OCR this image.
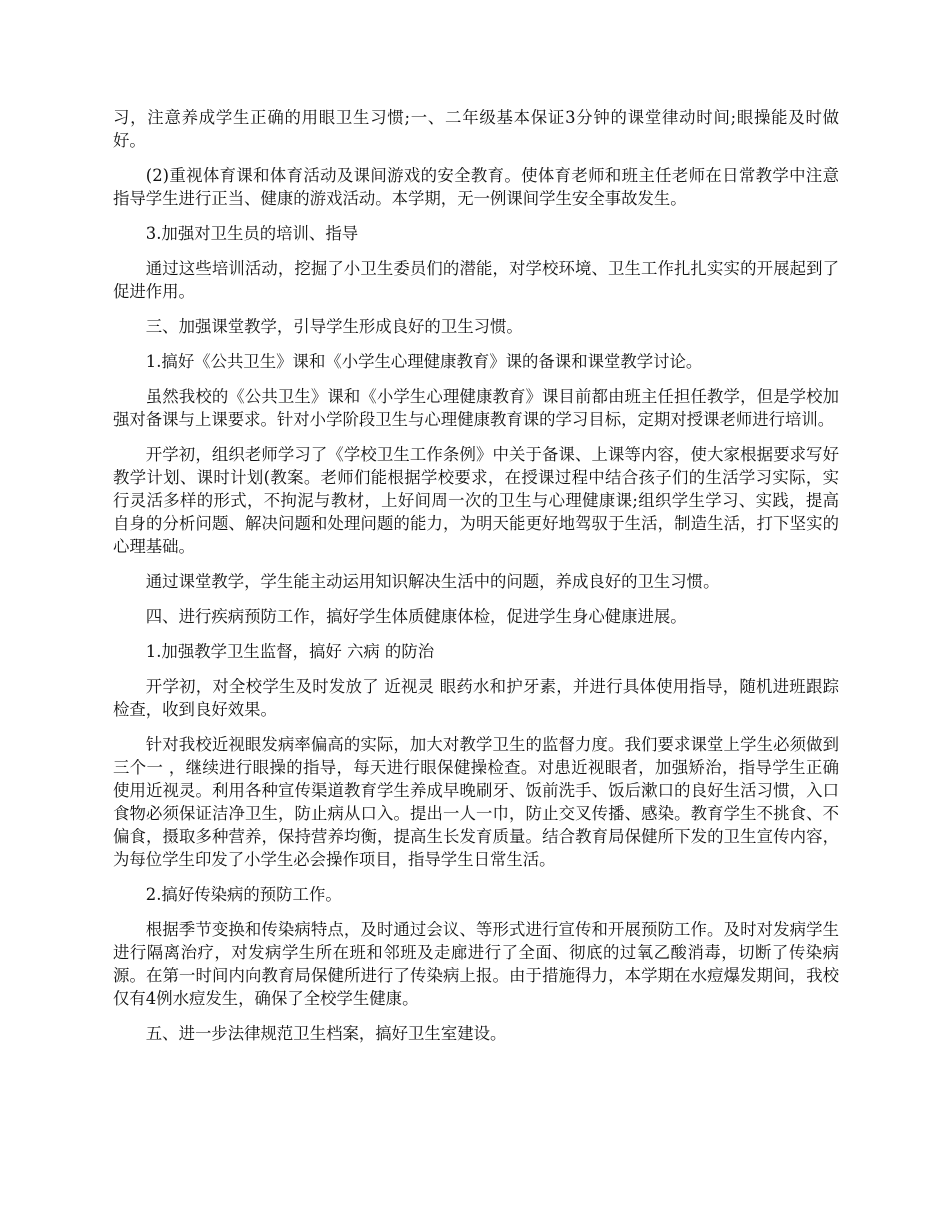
习，注意养成学生正确的用眼卫生习惯;一、二年级基本保证3分钟的课堂律动时间;眼操能及时做好。

(2)重视体育课和体育活动及课间游戏的安全教育。使体育老师和班主任老师在日常教学中注意指导学生进行正当、健康的游戏活动。本学期，无一例课间学生安全事故发生。

3.加强对卫生员的培训、指导

通过这些培训活动，挖掘了小卫生委员们的潜能，对学校环境、卫生工作扎扎实实的开展起到了促进作用。

三、加强课堂教学，引导学生形成良好的卫生习惯。

1.搞好《公共卫生》课和《小学生心理健康教育》课的备课和课堂教学讨论。

虽然我校的《公共卫生》课和《小学生心理健康教育》课目前都由班主任担任教学，但是学校加强对备课与上课要求。针对小学阶段卫生与心理健康教育课的学习目标，定期对授课老师进行培训。

开学初，组织老师学习了《学校卫生工作条例》中关于备课、上课等内容，使大家根据要求写好教学计划、课时计划(教案。老师们能根据学校要求，在授课过程中结合孩子们的生活学习实际，实行灵活多样的形式，不拘泥与教材，上好间周一次的卫生与心理健康课;组织学生学习、实践，提高自身的分析问题、解决问题和处理问题的能力，为明天能更好地驾驭于生活，制造生活，打下坚实的心理基础。

通过课堂教学，学生能主动运用知识解决生活中的问题，养成良好的卫生习惯。

四、进行疾病预防工作，搞好学生体质健康体检，促进学生身心健康进展。

1.加强教学卫生监督，搞好 六病 的防治

开学初，对全校学生及时发放了 近视灵 眼药水和护牙素，并进行具体使用指导，随机进班跟踪检查，收到良好效果。

针对我校近视眼发病率偏高的实际，加大对教学卫生的监督力度。我们要求课堂上学生必须做到 三个一 ，继续进行眼操的指导，每天进行眼保健操检查。对患近视眼者，加强矫治，指导学生正确使用近视灵。利用各种宣传渠道教育学生养成早晚刷牙、饭前洗手、饭后漱口的良好生活习惯，入口食物必须保证洁净卫生，防止病从口入。提出一人一巾，防止交叉传播、感染。教育学生不挑食、不偏食，摄取多种营养，保持营养均衡，提高生长发育质量。结合教育局保健所下发的卫生宣传内容，为每位学生印发了小学生必会操作项目，指导学生日常生活。

2.搞好传染病的预防工作。

根据季节变换和传染病特点，及时通过会议、等形式进行宣传和开展预防工作。及时对发病学生进行隔离治疗，对发病学生所在班和邻班及走廊进行了全面、彻底的过氧乙酸消毒，切断了传染病源。在第一时间内向教育局保健所进行了传染病上报。由于措施得力，本学期在水痘爆发期间，我校仅有4例水痘发生，确保了全校学生健康。

五、进一步法律规范卫生档案，搞好卫生室建设。
